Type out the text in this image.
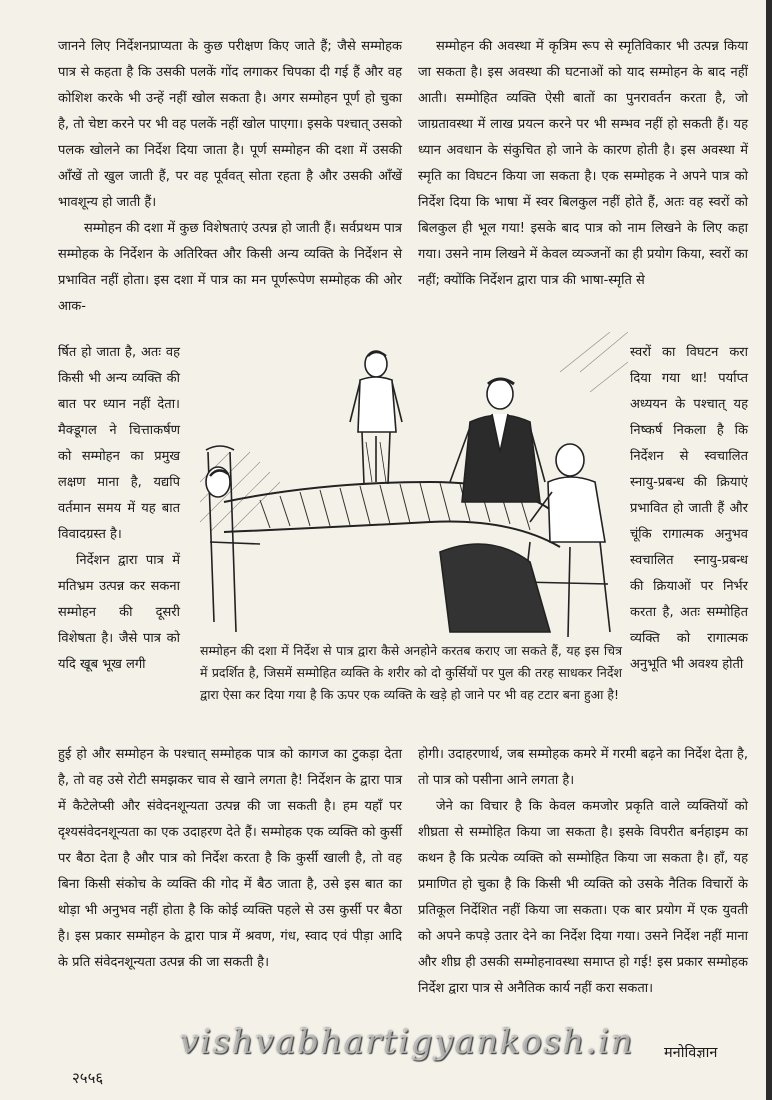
जानने लिए निर्देशनप्राप्यता के कुछ परीक्षण किए जाते हैं; जैसे सम्मोहक पात्र से कहता है कि उसकी पलकें गोंद लगाकर चिपका दी गई हैं और वह कोशिश करके भी उन्हें नहीं खोल सकता है। अगर सम्मोहन पूर्ण हो चुका है, तो चेष्टा करने पर भी वह पलकें नहीं खोल पाएगा। इसके पश्चात् उसको पलक खोलने का निर्देश दिया जाता है। पूर्ण सम्मोहन की दशा में उसकी आँखें तो खुल जाती हैं, पर वह पूर्ववत् सोता रहता है और उसकी आँखें भावशून्य हो जाती हैं।

सम्मोहन की दशा में कुछ विशेषताएं उत्पन्न हो जाती हैं। सर्वप्रथम पात्र सम्मोहक के निर्देशन के अतिरिक्त और किसी अन्य व्यक्ति के निर्देशन से प्रभावित नहीं होता। इस दशा में पात्र का मन पूर्णरूपेण सम्मोहक की ओर आक-

र्षित हो जाता है, अतः वह किसी भी अन्य व्यक्ति की बात पर ध्यान नहीं देता। मैक्डूगल ने चित्ताकर्षण को सम्मोहन का प्रमुख लक्षण माना है, यद्यपि वर्तमान समय में यह बात विवादग्रस्त है।

निर्देशन द्वारा पात्र में मतिभ्रम उत्पन्न कर सकना सम्मोहन की दूसरी विशेषता है। जैसे पात्र को यदि खूब भूख लगी

हुई हो और सम्मोहन के पश्चात् सम्मोहक पात्र को कागज का टुकड़ा देता है, तो वह उसे रोटी समझकर चाव से खाने लगता है! निर्देशन के द्वारा पात्र में कैटेलेप्सी और संवेदनशून्यता उत्पन्न की जा सकती है। हम यहाँ पर दृश्यसंवेदनशून्यता का एक उदाहरण देते हैं। सम्मोहक एक व्यक्ति को कुर्सी पर बैठा देता है और पात्र को निर्देश करता है कि कुर्सी खाली है, तो वह बिना किसी संकोच के व्यक्ति की गोद में बैठ जाता है, उसे इस बात का थोड़ा भी अनुभव नहीं होता है कि कोई व्यक्ति पहले से उस कुर्सी पर बैठा है। इस प्रकार सम्मोहन के द्वारा पात्र में श्रवण, गंध, स्वाद एवं पीड़ा आदि के प्रति संवेदनशून्यता उत्पन्न की जा सकती है।

सम्मोहन की अवस्था में कृत्रिम रूप से स्मृतिविकार भी उत्पन्न किया जा सकता है। इस अवस्था की घटनाओं को याद सम्मोहन के बाद नहीं आती। सम्मोहित व्यक्ति ऐसी बातों का पुनरावर्तन करता है, जो जाग्रतावस्था में लाख प्रयत्न करने पर भी सम्भव नहीं हो सकती हैं। यह ध्यान अवधान के संकुचित हो जाने के कारण होती है। इस अवस्था में स्मृति का विघटन किया जा सकता है। एक सम्मोहक ने अपने पात्र को निर्देश दिया कि भाषा में स्वर बिलकुल नहीं होते हैं, अतः वह स्वरों को बिलकुल ही भूल गया! इसके बाद पात्र को नाम लिखने के लिए कहा गया। उसने नाम लिखने में केवल व्यञ्जनों का ही प्रयोग किया, स्वरों का नहीं; क्योंकि निर्देशन द्वारा पात्र की भाषा-स्मृति से

स्वरों का विघटन करा दिया गया था! पर्याप्त अध्ययन के पश्चात् यह निष्कर्ष निकला है कि निर्देशन से स्वचालित स्नायु-प्रबन्ध की क्रियाएं प्रभावित हो जाती हैं और चूंकि रागात्मक अनुभव स्वचालित स्नायु-प्रबन्ध की क्रियाओं पर निर्भर करता है, अतः सम्मोहित व्यक्ति को रागात्मक अनुभूति भी अवश्य होती

होगी। उदाहरणार्थ, जब सम्मोहक कमरे में गरमी बढ़ने का निर्देश देता है, तो पात्र को पसीना आने लगता है।

जेने का विचार है कि केवल कमजोर प्रकृति वाले व्यक्तियों को शीघ्रता से सम्मोहित किया जा सकता है। इसके विपरीत बर्नहाइम का कथन है कि प्रत्येक व्यक्ति को सम्मोहित किया जा सकता है। हाँ, यह प्रमाणित हो चुका है कि किसी भी व्यक्ति को उसके नैतिक विचारों के प्रतिकूल निर्देशित नहीं किया जा सकता। एक बार प्रयोग में एक युवती को अपने कपड़े उतार देने का निर्देश दिया गया। उसने निर्देश नहीं माना और शीघ्र ही उसकी सम्मोहनावस्था समाप्त हो गई! इस प्रकार सम्मोहक निर्देश द्वारा पात्र से अनैतिक कार्य नहीं करा सकता।

सम्मोहन की दशा में निर्देश से पात्र द्वारा कैसे अनहोने करतब कराए जा सकते हैं, यह इस चित्र में प्रदर्शित है, जिसमें सम्मोहित व्यक्ति के शरीर को दो कुर्सियों पर पुल की तरह साधकर निर्देश द्वारा ऐसा कर दिया गया है कि ऊपर एक व्यक्ति के खड़े हो जाने पर भी वह टटार बना हुआ है!
vishvabhartigyankosh.in
२५५६
मनोविज्ञान
